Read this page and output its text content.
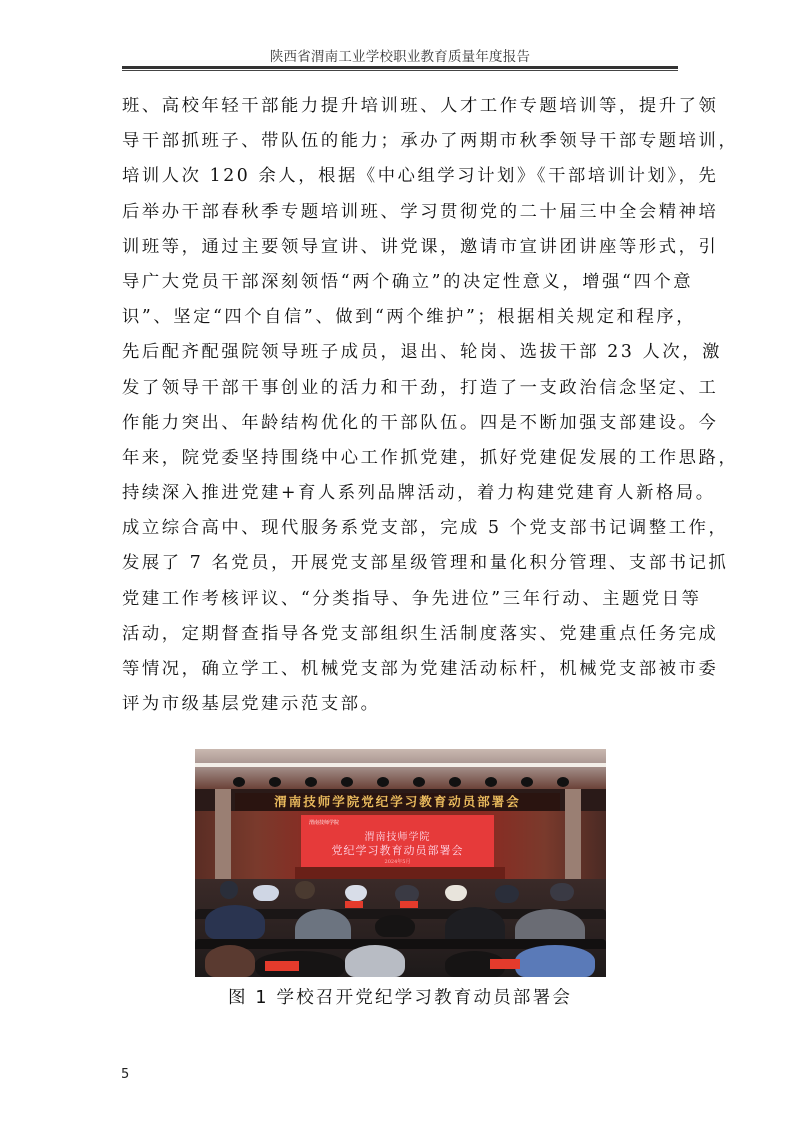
陕西省渭南工业学校职业教育质量年度报告
班、高校年轻干部能力提升培训班、人才工作专题培训等，提升了领
导干部抓班子、带队伍的能力；承办了两期市秋季领导干部专题培训，
培训人次 120 余人，根据《中心组学习计划》《干部培训计划》，先
后举办干部春秋季专题培训班、学习贯彻党的二十届三中全会精神培
训班等，通过主要领导宣讲、讲党课，邀请市宣讲团讲座等形式，引
导广大党员干部深刻领悟“两个确立”的决定性意义，增强“四个意
识”、坚定“四个自信”、做到“两个维护”；根据相关规定和程序，
先后配齐配强院领导班子成员，退出、轮岗、选拔干部 23 人次，激
发了领导干部干事创业的活力和干劲，打造了一支政治信念坚定、工
作能力突出、年龄结构优化的干部队伍。四是不断加强支部建设。今
年来，院党委坚持围绕中心工作抓党建，抓好党建促发展的工作思路，
持续深入推进党建+育人系列品牌活动，着力构建党建育人新格局。
成立综合高中、现代服务系党支部，完成 5 个党支部书记调整工作，
发展了 7 名党员，开展党支部星级管理和量化积分管理、支部书记抓
党建工作考核评议、“分类指导、争先进位”三年行动、主题党日等
活动，定期督查指导各党支部组织生活制度落实、党建重点任务完成
等情况，确立学工、机械党支部为党建活动标杆，机械党支部被市委
评为市级基层党建示范支部。
渭南技师学院党纪学习教育动员部署会
渭南技师学院
渭南技师学院
党纪学习教育动员部署会
2024年5月
图 1 学校召开党纪学习教育动员部署会
5
